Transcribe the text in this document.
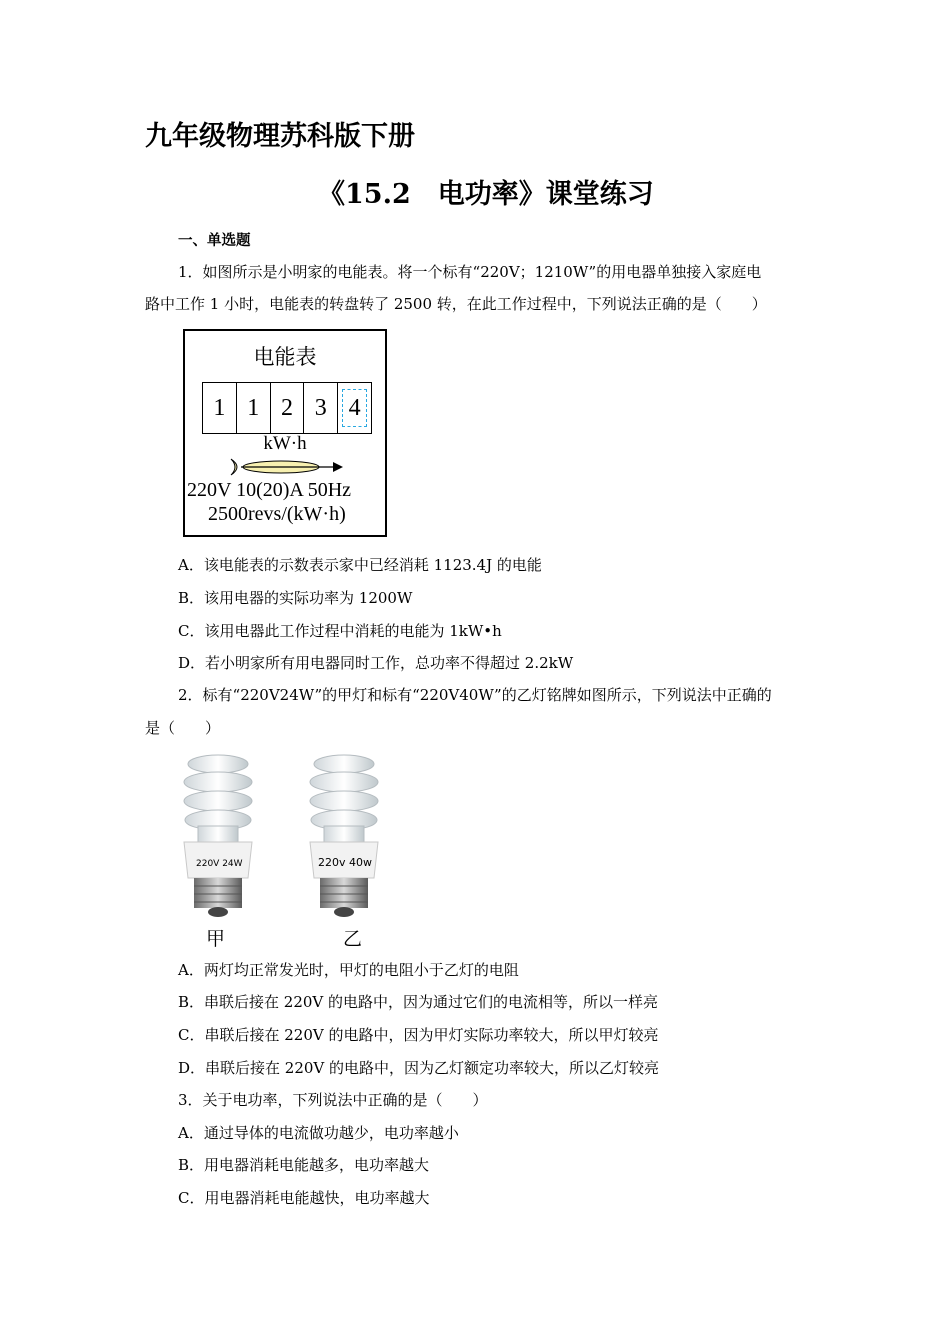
九年级物理苏科版下册
《15.2　电功率》课堂练习
一、单选题
1．如图所示是小明家的电能表。将一个标有“220V；1210W”的用电器单独接入家庭电
路中工作 1 小时，电能表的转盘转了 2500 转，在此工作过程中，下列说法正确的是（　　）
电能表
1 1 2 3 4
kW·h
220V 10(20)A 50Hz
2500revs/(kW·h)
A．该电能表的示数表示家中已经消耗 1123.4J 的电能
B．该用电器的实际功率为 1200W
C．该用电器此工作过程中消耗的电能为 1kW•h
D．若小明家所有用电器同时工作，总功率不得超过 2.2kW
2．标有“220V24W”的甲灯和标有“220V40W”的乙灯铭牌如图所示，下列说法中正确的
是（　　）
220V 24W
甲
220v 40w
乙
A．两灯均正常发光时，甲灯的电阻小于乙灯的电阻
B．串联后接在 220V 的电路中，因为通过它们的电流相等，所以一样亮
C．串联后接在 220V 的电路中，因为甲灯实际功率较大，所以甲灯较亮
D．串联后接在 220V 的电路中，因为乙灯额定功率较大，所以乙灯较亮
3．关于电功率，下列说法中正确的是（　　）
A．通过导体的电流做功越少，电功率越小
B．用电器消耗电能越多，电功率越大
C．用电器消耗电能越快，电功率越大
